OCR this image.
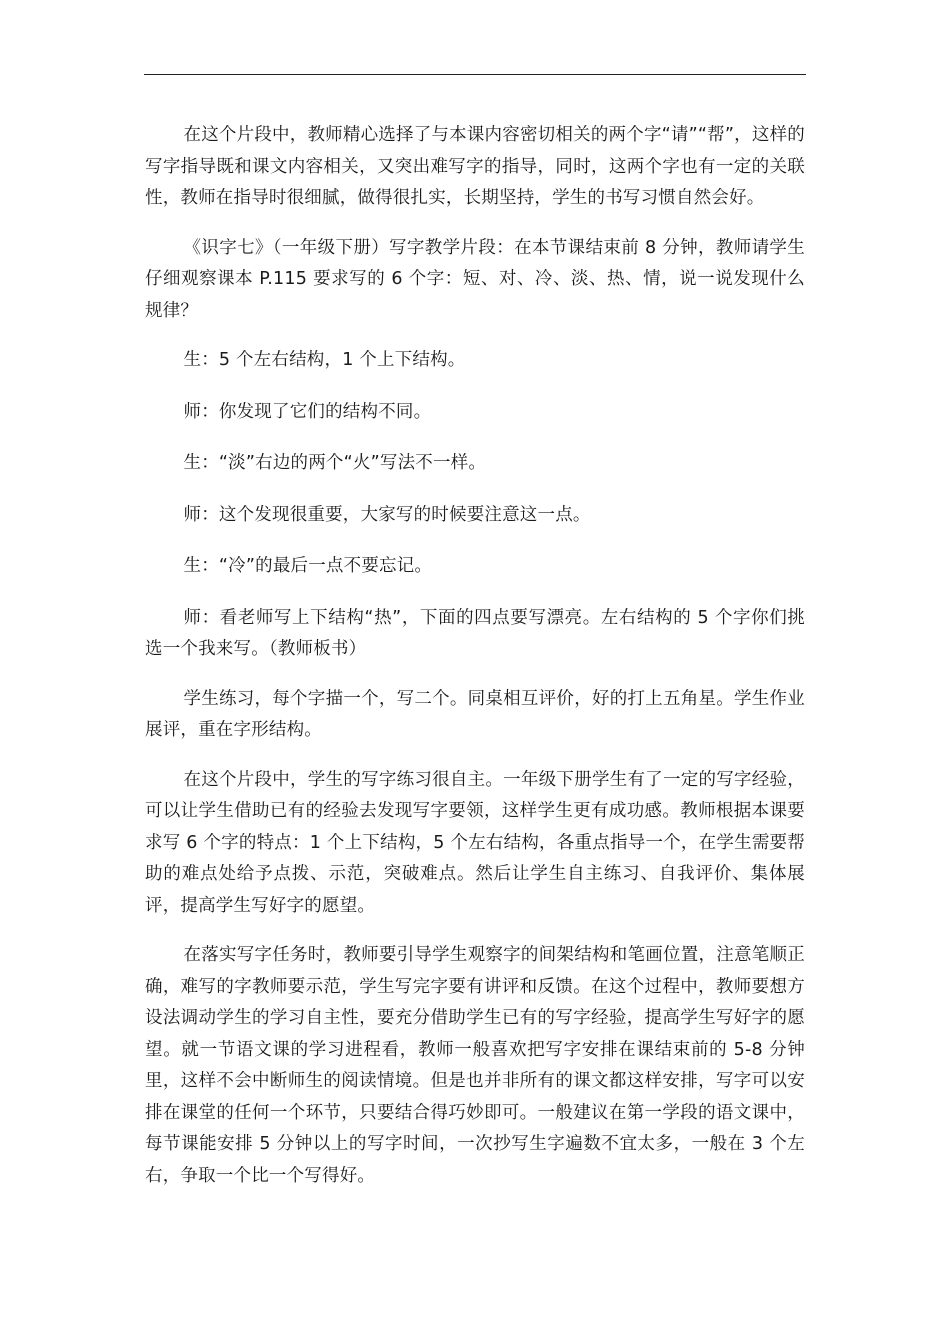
在这个片段中，教师精心选择了与本课内容密切相关的两个字“请”“帮”，这样的写字指导既和课文内容相关，又突出难写字的指导，同时，这两个字也有一定的关联性，教师在指导时很细腻，做得很扎实，长期坚持，学生的书写习惯自然会好。

《识字七》（一年级下册）写字教学片段：在本节课结束前 8 分钟，教师请学生仔细观察课本 P.115 要求写的 6 个字：短、对、冷、淡、热、情，说一说发现什么规律？

生：5 个左右结构，1 个上下结构。

师：你发现了它们的结构不同。

生：“淡”右边的两个“火”写法不一样。

师：这个发现很重要，大家写的时候要注意这一点。

生：“冷”的最后一点不要忘记。

师：看老师写上下结构“热”，下面的四点要写漂亮。左右结构的 5 个字你们挑选一个我来写。（教师板书）

学生练习，每个字描一个，写二个。同桌相互评价，好的打上五角星。学生作业展评，重在字形结构。

在这个片段中，学生的写字练习很自主。一年级下册学生有了一定的写字经验，可以让学生借助已有的经验去发现写字要领，这样学生更有成功感。教师根据本课要求写 6 个字的特点：1 个上下结构，5 个左右结构，各重点指导一个，在学生需要帮助的难点处给予点拨、示范，突破难点。然后让学生自主练习、自我评价、集体展评，提高学生写好字的愿望。

在落实写字任务时，教师要引导学生观察字的间架结构和笔画位置，注意笔顺正确，难写的字教师要示范，学生写完字要有讲评和反馈。在这个过程中，教师要想方设法调动学生的学习自主性，要充分借助学生已有的写字经验，提高学生写好字的愿望。就一节语文课的学习进程看，教师一般喜欢把写字安排在课结束前的 5-8 分钟里，这样不会中断师生的阅读情境。但是也并非所有的课文都这样安排，写字可以安排在课堂的任何一个环节，只要结合得巧妙即可。一般建议在第一学段的语文课中，每节课能安排 5 分钟以上的写字时间，一次抄写生字遍数不宜太多，一般在 3 个左右，争取一个比一个写得好。
